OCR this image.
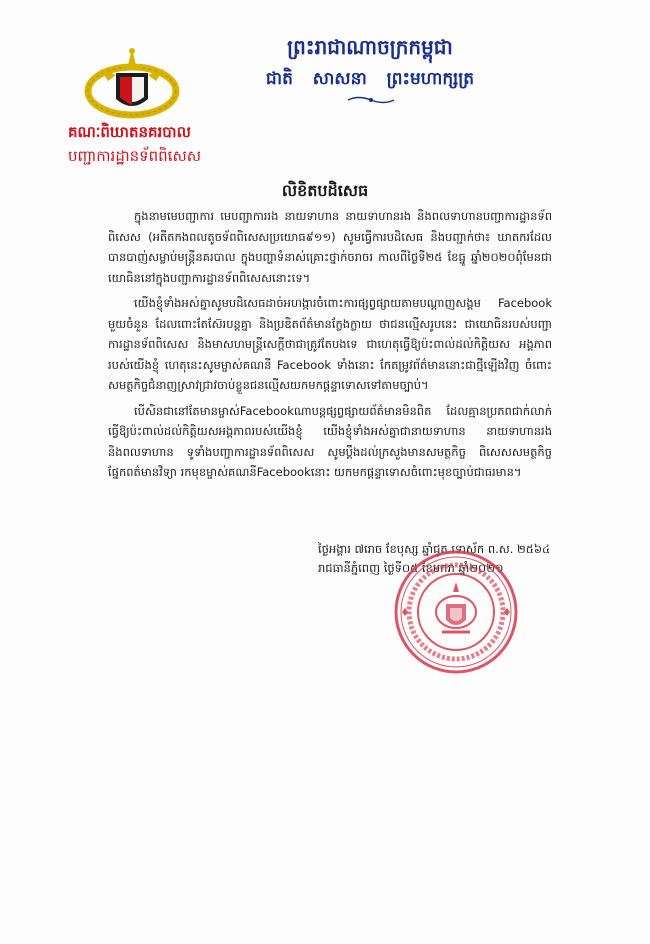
គណៈពិឃាតនគរបាល
បញ្ជាការដ្ឋានទ័ពពិសេស
ព្រះរាជាណាចក្រកម្ពុជា
ជាតិ សាសនា ព្រះមហាក្សត្រ
លិខិតបដិសេធ

ក្នុងនាមមេបញ្ជាការ មេបញ្ជាការរង នាយទាហាន នាយទាហានរង និងពលទាហានបញ្ជាការដ្ឋានទ័ពពិសេស (អតីតកងពលតូចទ័ពពិសេសប្រយោធ៩១១) សូមធ្វើការបដិសេធ និងបញ្ជាក់ថា៖ ឃាតករដែលបានបាញ់សម្លាប់មន្ត្រីនគរបាល ក្នុងបញ្ហាទំនាស់គ្រោះថ្នាក់ចរាចរ កាលពីថ្ងៃទី២៥ ខែធ្នូ ឆ្នាំ២០២០ពុំមែនជាយោធិននៅក្នុងបញ្ជាការដ្ឋានទ័ពពិសេសនោះទេ។

យើងខ្ញុំទាំងអស់គ្នាសូមបដិសេធដាច់អហង្ការចំពោះការផ្សព្វផ្សាយតាមបណ្ដាញសង្គម Facebook មួយចំនួន ដែលពោះតែស៊ែរបន្តគ្នា និងប្រឌិតព័ត៌មានក្លែងក្លាយ ថាជនល្មើសរូបនេះ ជាយោធិនរបស់បញ្ជាការដ្ឋានទ័ពពិសេស និងមាសហមន្ត្រីសេក្តីថាជាត្រូវតែបងទេ ជាហេតុធ្វើឱ្យប៉ះពាល់ដល់កិត្តិយស អង្គភាពរបស់យើងខ្ញុំ ហេតុនេះសូមម្ចាស់គណនី Facebook ទាំងនោះ កែតម្រូវព័ត៌មាននោះជាថ្មីឡើងវិញ ចំពោះសមត្ថកិច្ចជំនាញស្រាវជ្រាវចាប់ខ្លួនជនល្មើសយកមកផ្ដន្ទាទោសទៅតាមច្បាប់។

បើសិនជានៅតែមានម្ចាស់Facebookណាបន្តផ្សព្វផ្សាយព័ត៌មានមិនពិត ដែលគ្មានប្រភពជាក់លាក់ ធ្វើឱ្យប៉ះពាល់ដល់កិត្តិយសអង្គភាពរបស់យើងខ្ញុំ យើងខ្ញុំទាំងអស់គ្នាជានាយទាហាន នាយទាហានរង និងពលទាហាន ទូទាំងបញ្ជាការដ្ឋានទ័ពពិសេស សូមប្ដឹងដល់ក្រសួងមានសមត្ថកិច្ច ពិសេសសមត្ថកិច្ចផ្នែកពត៌មានវិទ្យា រកមុខម្ចាស់គណនីFacebookនោះ យកមកផ្ដន្ទាទោសចំពោះមុខច្បាប់ជាធរមាន។

ថ្ងៃអង្គារ ៧រោច ខែបុស្ស ឆ្នាំជូត ទោស័ក ព.ស. ២៥៦៤
រាជធានីភ្នំពេញ ថ្ងៃទី០៥ ខែមករា ឆ្នាំ២០២១
